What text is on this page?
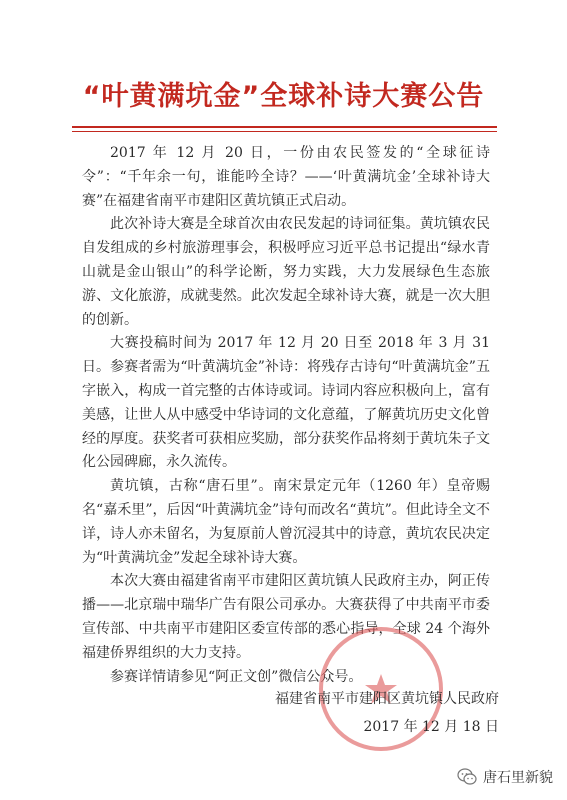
“叶黄满坑金”全球补诗大赛公告

2017 年 12 月 20 日，一份由农民签发的“全球征诗令”：“千年余一句，谁能吟全诗？——‘叶黄满坑金’全球补诗大赛”在福建省南平市建阳区黄坑镇正式启动。

此次补诗大赛是全球首次由农民发起的诗词征集。黄坑镇农民自发组成的乡村旅游理事会，积极呼应习近平总书记提出“绿水青山就是金山银山”的科学论断，努力实践，大力发展绿色生态旅游、文化旅游，成就斐然。此次发起全球补诗大赛，就是一次大胆的创新。

大赛投稿时间为 2017 年 12 月 20 日至 2018 年 3 月 31 日。参赛者需为“叶黄满坑金”补诗：将残存古诗句“叶黄满坑金”五字嵌入，构成一首完整的古体诗或词。诗词内容应积极向上，富有美感，让世人从中感受中华诗词的文化意蕴，了解黄坑历史文化曾经的厚度。获奖者可获相应奖励，部分获奖作品将刻于黄坑朱子文化公园碑廊，永久流传。

黄坑镇，古称“唐石里”。南宋景定元年（1260 年）皇帝赐名“嘉禾里”，后因“叶黄满坑金”诗句而改名“黄坑”。但此诗全文不详，诗人亦未留名，为复原前人曾沉浸其中的诗意，黄坑农民决定为“叶黄满坑金”发起全球补诗大赛。

本次大赛由福建省南平市建阳区黄坑镇人民政府主办，阿正传播——北京瑞中瑞华广告有限公司承办。大赛获得了中共南平市委宣传部、中共南平市建阳区委宣传部的悉心指导，全球 24 个海外福建侨界组织的大力支持。

参赛详情请参见“阿正文创”微信公众号。

福建省南平市建阳区黄坑镇人民政府
2017 年 12 月 18 日
唐石里新貌
